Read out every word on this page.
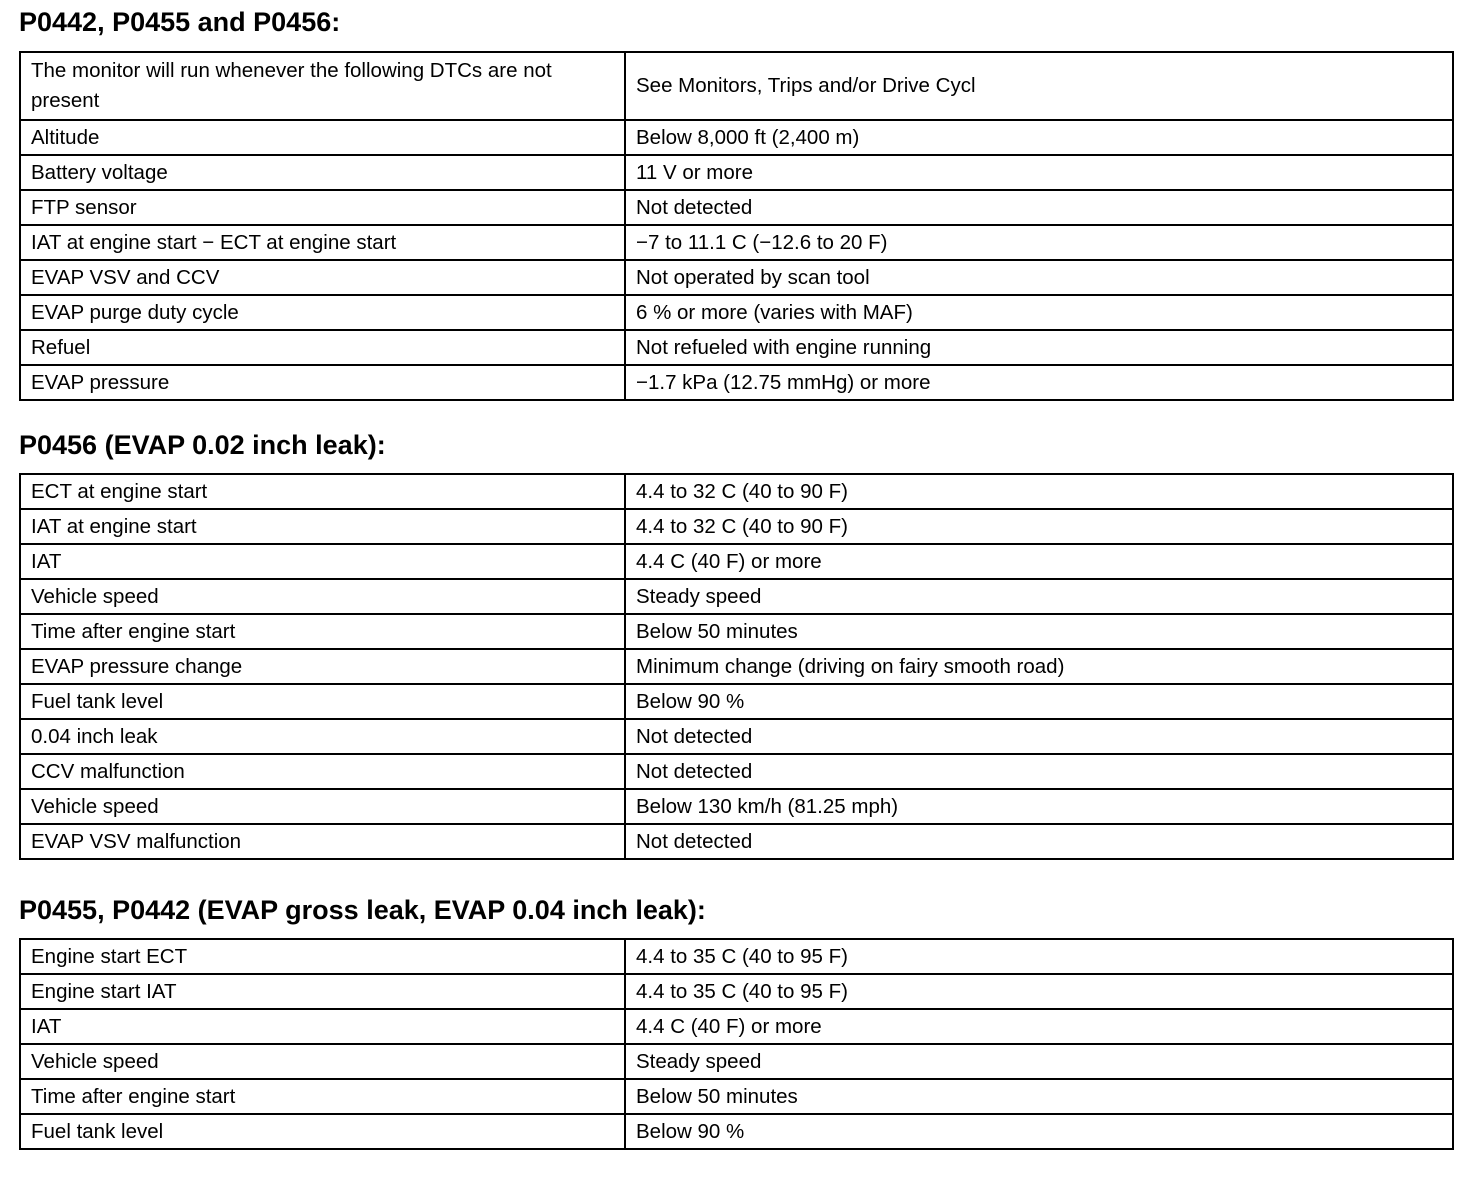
P0442, P0455 and P0456:
The monitor will run whenever the following DTCs are not present	See Monitors, Trips and/or Drive Cycl
Altitude	Below 8,000 ft (2,400 m)
Battery voltage	11 V or more
FTP sensor	Not detected
IAT at engine start − ECT at engine start	−7 to 11.1 C (−12.6 to 20 F)
EVAP VSV and CCV	Not operated by scan tool
EVAP purge duty cycle	6 % or more (varies with MAF)
Refuel	Not refueled with engine running
EVAP pressure	−1.7 kPa (12.75 mmHg) or more
P0456 (EVAP 0.02 inch leak):
ECT at engine start	4.4 to 32 C (40 to 90 F)
IAT at engine start	4.4 to 32 C (40 to 90 F)
IAT	4.4 C (40 F) or more
Vehicle speed	Steady speed
Time after engine start	Below 50 minutes
EVAP pressure change	Minimum change (driving on fairy smooth road)
Fuel tank level	Below 90 %
0.04 inch leak	Not detected
CCV malfunction	Not detected
Vehicle speed	Below 130 km/h (81.25 mph)
EVAP VSV malfunction	Not detected
P0455, P0442 (EVAP gross leak, EVAP 0.04 inch leak):
Engine start ECT	4.4 to 35 C (40 to 95 F)
Engine start IAT	4.4 to 35 C (40 to 95 F)
IAT	4.4 C (40 F) or more
Vehicle speed	Steady speed
Time after engine start	Below 50 minutes
Fuel tank level	Below 90 %
